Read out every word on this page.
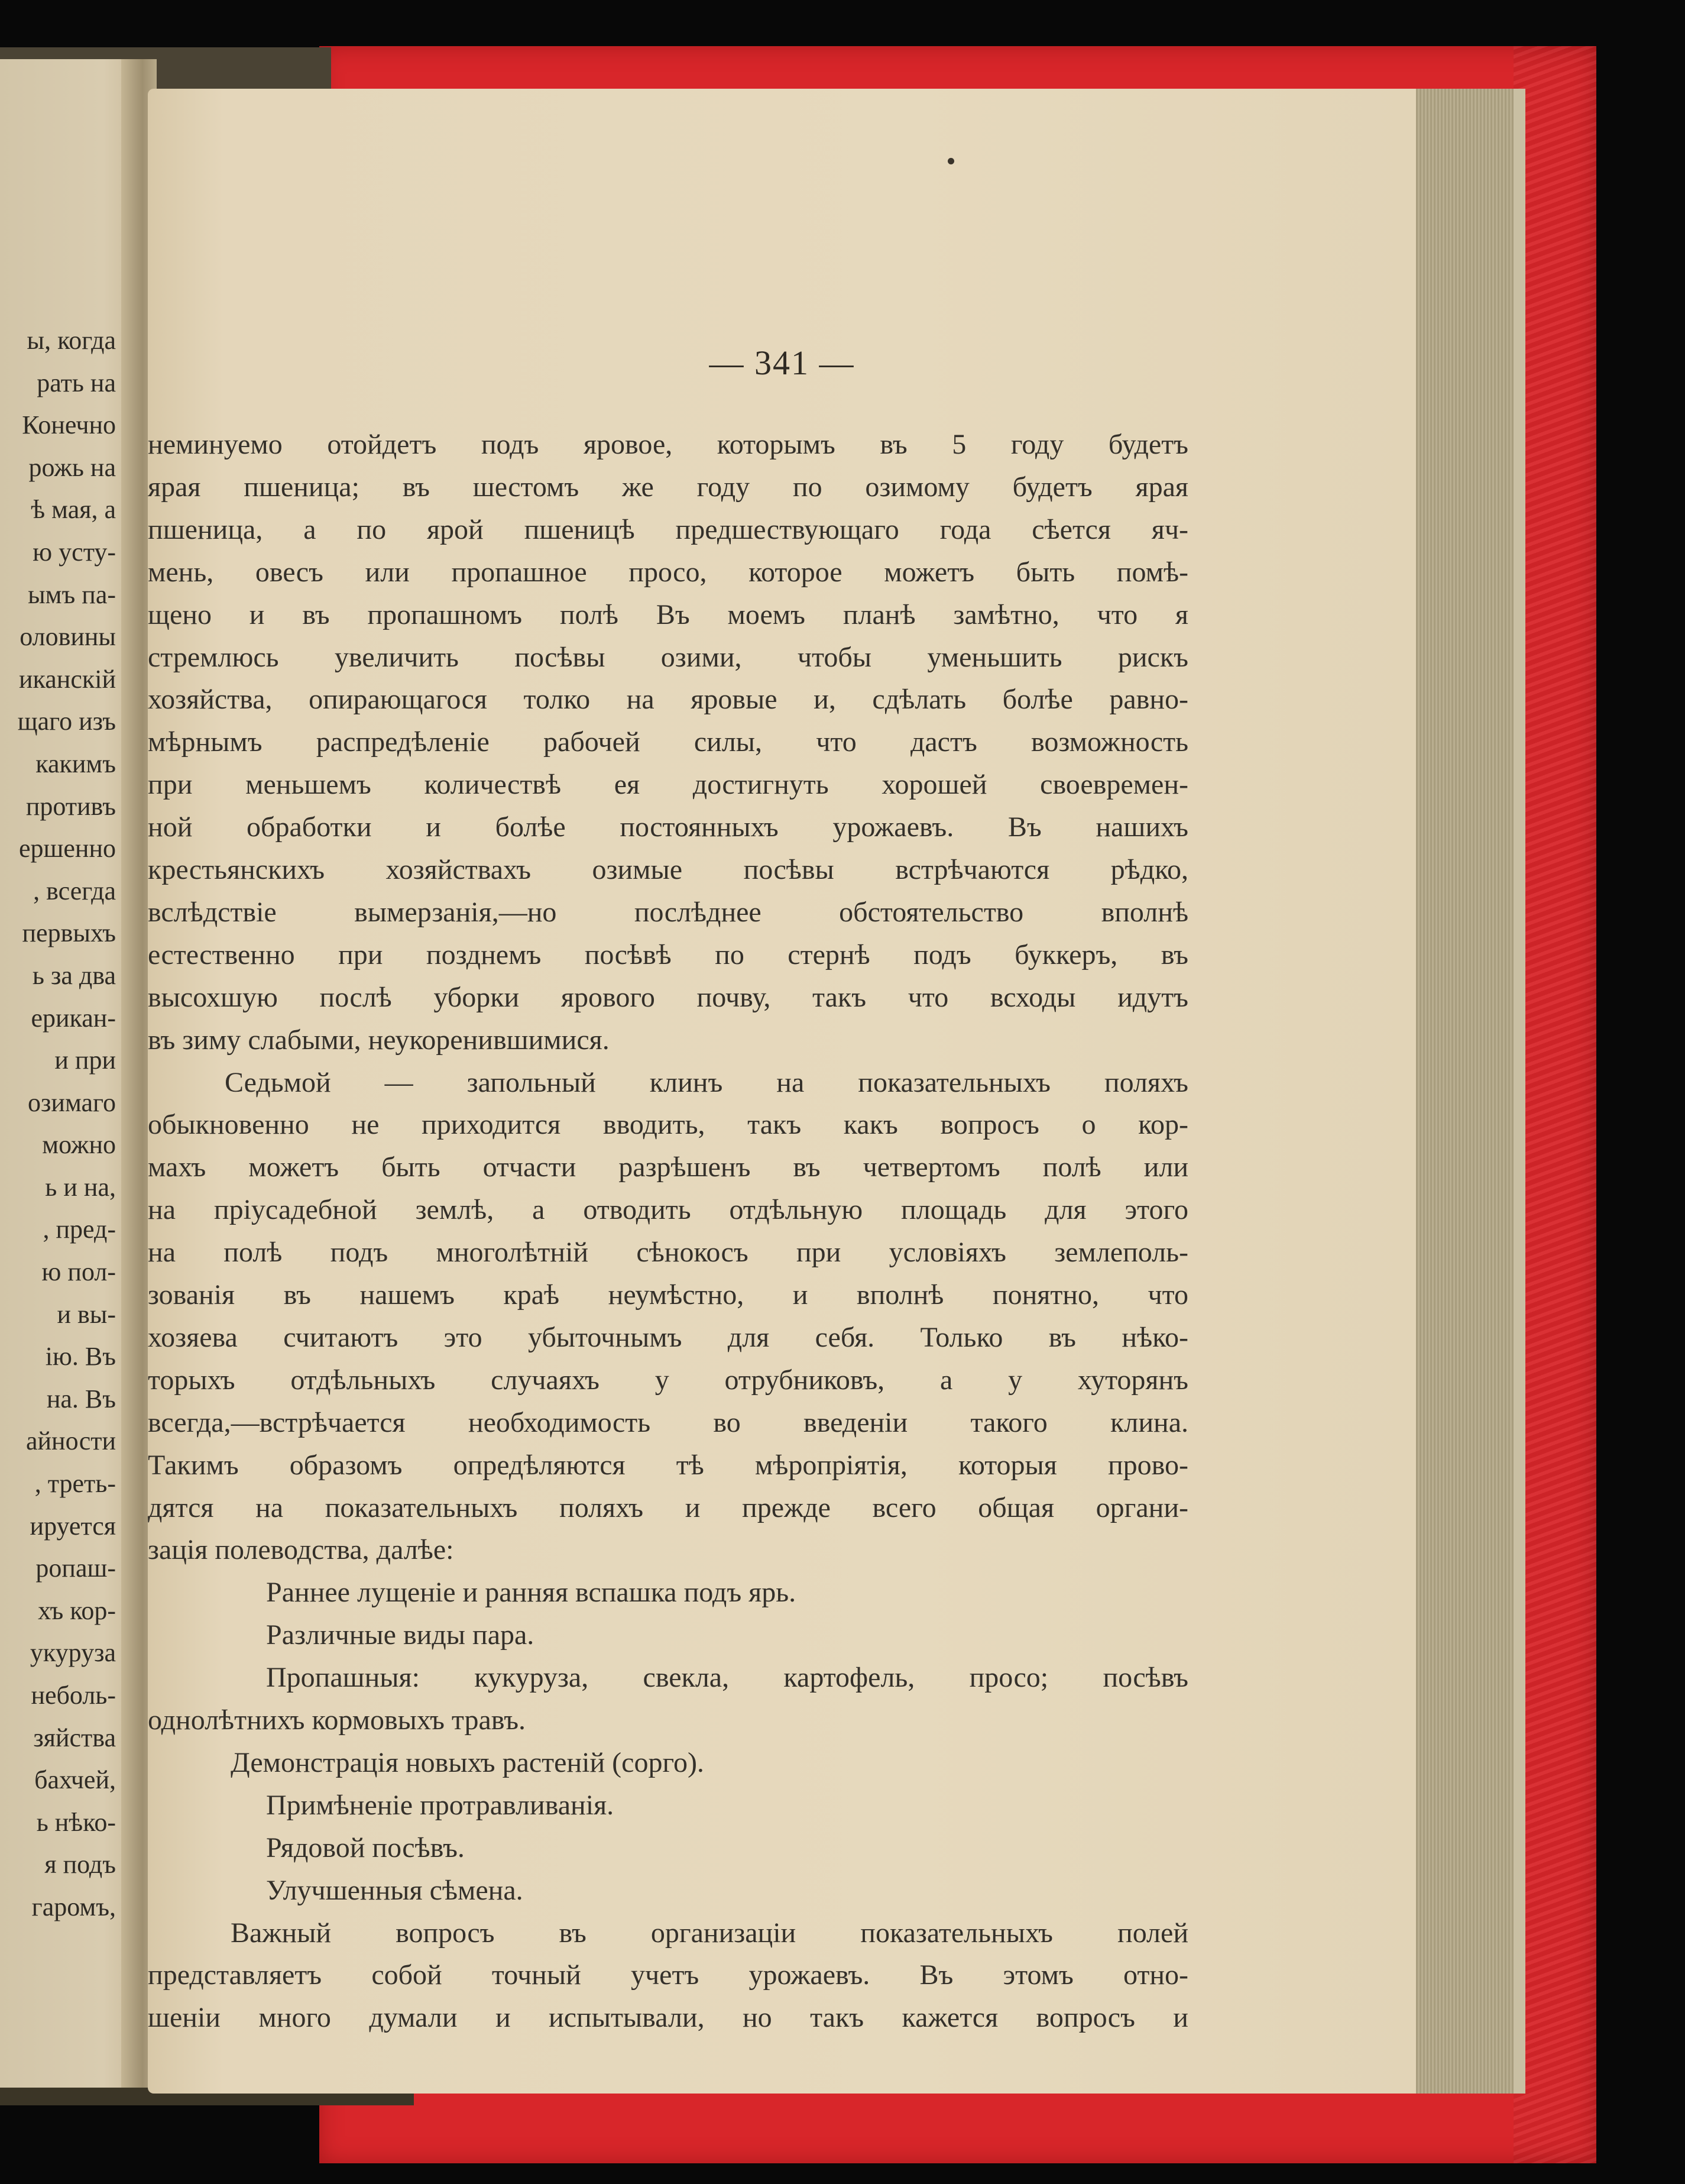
ы, когда
рать на
Конечно
рожь на
ѣ мая, а
ю усту-
ымъ па-
оловины
иканскій
щаго изъ
какимъ
противъ
ершенно
, всегда
первыхъ
ь за два
ерикан-
и при
озимаго
можно
ь и на,
, пред-
ю пол-
и вы-
ію. Въ
на. Въ
айности
, треть-
ируется
ропаш-
хъ кор-
укуруза
неболь-
зяйства
бахчей,
ь нѣко-
я подъ
гаромъ,
— 341 —
неминуемо отойдетъ подъ яровое, которымъ въ 5 году будетъ
ярая пшеница; въ шестомъ же году по озимому будетъ ярая
пшеница, а по ярой пшеницѣ предшествующаго года сѣется яч-
мень, овесъ или пропашное просо, которое можетъ быть помѣ-
щено и въ пропашномъ полѣ Въ моемъ планѣ замѣтно, что я
стремлюсь увеличить посѣвы озими, чтобы уменьшить рискъ
хозяйства, опирающагося толко на яровые и, сдѣлать болѣе равно-
мѣрнымъ распредѣленіе рабочей силы, что дастъ возможность
при меньшемъ количествѣ ея достигнуть хорошей своевремен-
ной обработки и болѣе постоянныхъ урожаевъ. Въ нашихъ
крестьянскихъ хозяйствахъ озимые посѣвы встрѣчаются рѣдко,
вслѣдствіе вымерзанія,—но послѣднее обстоятельство вполнѣ
естественно при позднемъ посѣвѣ по стернѣ подъ буккеръ, въ
высохшую послѣ уборки ярового почву, такъ что всходы идутъ
въ зиму слабыми, неукоренившимися.
Седьмой — запольный клинъ на показательныхъ поляхъ
обыкновенно не приходится вводить, такъ какъ вопросъ о кор-
махъ можетъ быть отчасти разрѣшенъ въ четвертомъ полѣ или
на пріусадебной землѣ, а отводить отдѣльную площадь для этого
на полѣ подъ многолѣтній сѣнокосъ при условіяхъ землеполь-
зованія въ нашемъ краѣ неумѣстно, и вполнѣ понятно, что
хозяева считаютъ это убыточнымъ для себя. Только въ нѣко-
торыхъ отдѣльныхъ случаяхъ у отрубниковъ, а у хуторянъ
всегда,—встрѣчается необходимость во введеніи такого клина.
Такимъ образомъ опредѣляются тѣ мѣропріятія, которыя прово-
дятся на показательныхъ поляхъ и прежде всего общая органи-
зація полеводства, далѣе:
Раннее лущеніе и ранняя вспашка подъ ярь.
Различные виды пара.
Пропашныя: кукуруза, свекла, картофель, просо; посѣвъ
однолѣтнихъ кормовыхъ травъ.
Демонстрація новыхъ растеній (сорго).
Примѣненіе протравливанія.
Рядовой посѣвъ.
Улучшенныя сѣмена.
Важный вопросъ въ организаціи показательныхъ полей
представляетъ собой точный учетъ урожаевъ. Въ этомъ отно-
шеніи много думали и испытывали, но такъ кажется вопросъ и
